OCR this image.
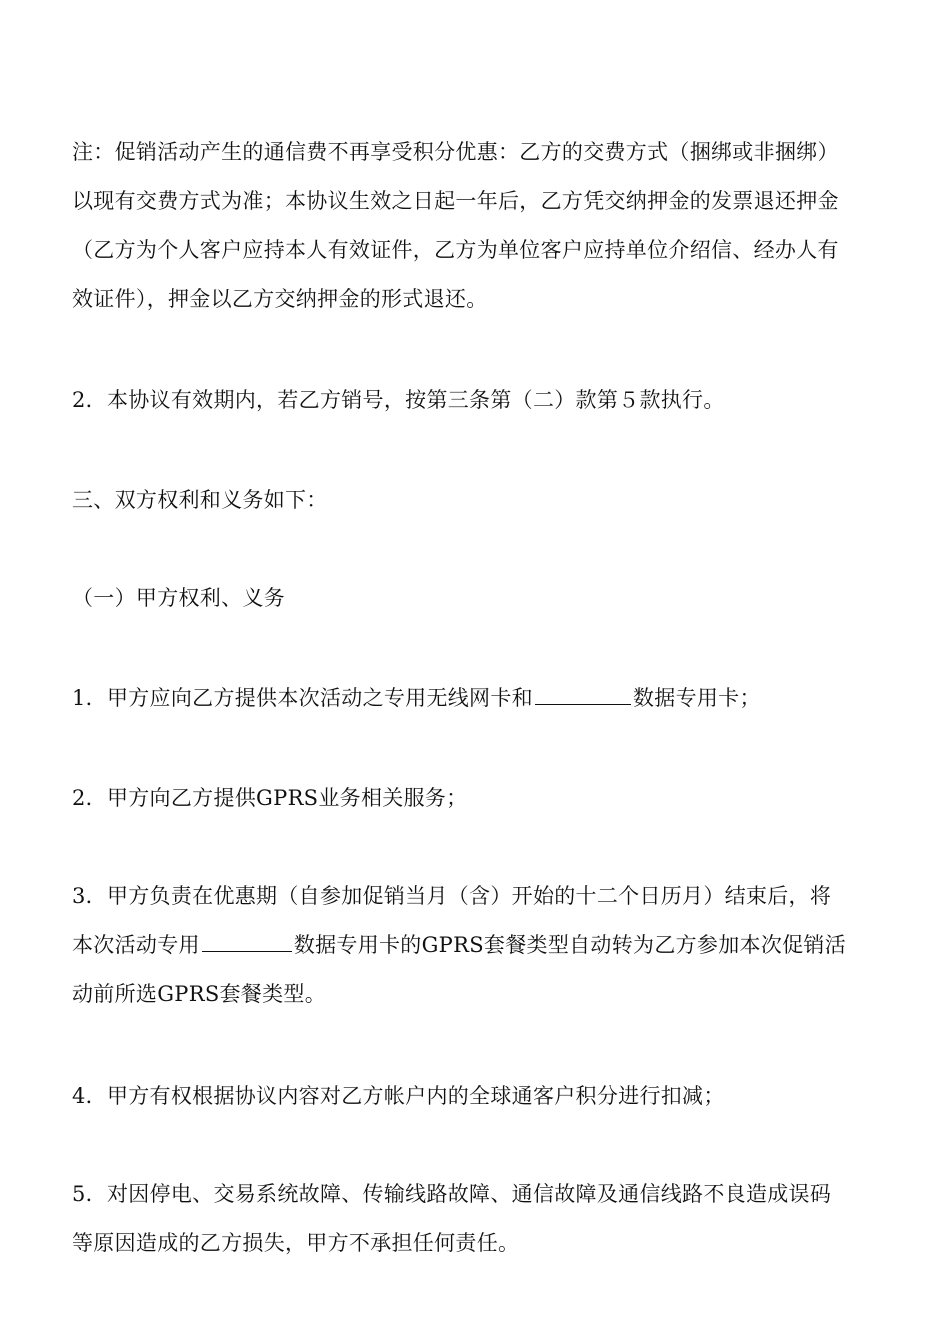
注：促销活动产生的通信费不再享受积分优惠：乙方的交费方式（捆绑或非捆绑）
以现有交费方式为准；本协议生效之日起一年后，乙方凭交纳押金的发票退还押金
（乙方为个人客户应持本人有效证件，乙方为单位客户应持单位介绍信、经办人有
效证件），押金以乙方交纳押金的形式退还。
2．本协议有效期内，若乙方销号，按第三条第（二）款第５款执行。
三、双方权利和义务如下：
（一）甲方权利、义务
1．甲方应向乙方提供本次活动之专用无线网卡和	数据专用卡；
2．甲方向乙方提供GPRS业务相关服务；
3．甲方负责在优惠期（自参加促销当月（含）开始的十二个日历月）结束后，将
本次活动专用	数据专用卡的GPRS套餐类型自动转为乙方参加本次促销活
动前所选GPRS套餐类型。
4．甲方有权根据协议内容对乙方帐户内的全球通客户积分进行扣减；
5．对因停电、交易系统故障、传输线路故障、通信故障及通信线路不良造成误码
等原因造成的乙方损失，甲方不承担任何责任。
